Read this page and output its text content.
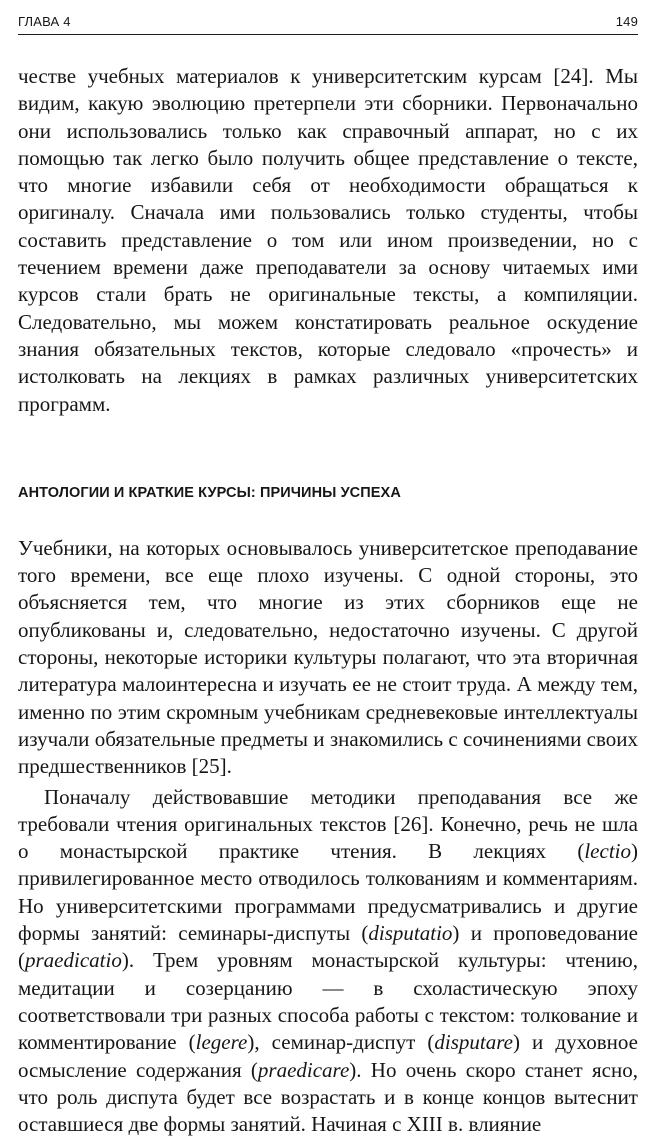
ГЛАВА 4	149

честве учебных материалов к университетским курсам [24]. Мы видим, какую эволюцию претерпели эти сборники. Первоначально они использовались только как справочный аппарат, но с их помощью так легко было получить общее представление о тексте, что многие избавили себя от необходимости обращаться к оригиналу. Сначала ими пользовались только студенты, чтобы составить представление о том или ином произведении, но с течением времени даже преподаватели за основу читаемых ими курсов стали брать не оригинальные тексты, а компиляции. Следовательно, мы можем констатировать реальное оскудение знания обязательных текстов, которые следовало «прочесть» и истолковать на лекциях в рамках различных университетских программ.

АНТОЛОГИИ И КРАТКИЕ КУРСЫ: ПРИЧИНЫ УСПЕХА

Учебники, на которых основывалось университетское преподавание того времени, все еще плохо изучены. С одной стороны, это объясняется тем, что многие из этих сборников еще не опубликованы и, следовательно, недостаточно изучены. С другой стороны, некоторые историки культуры полагают, что эта вторичная литература малоинтересна и изучать ее не стоит труда. А между тем, именно по этим скромным учебникам средневековые интеллектуалы изучали обязательные предметы и знакомились с сочинениями своих предшественников [25].

Поначалу действовавшие методики преподавания все же требовали чтения оригинальных текстов [26]. Конечно, речь не шла о монастырской практике чтения. В лекциях (lectio) привилегированное место отводилось толкованиям и комментариям. Но университетскими программами предусматривались и другие формы занятий: семинары-диспуты (disputatio) и проповедование (praedicatio). Трем уровням монастырской культуры: чтению, медитации и созерцанию — в схоластическую эпоху соответствовали три разных способа работы с текстом: толкование и комментирование (legere), семинар-диспут (disputare) и духовное осмысление содержания (praedicare). Но очень скоро станет ясно, что роль диспута будет все возрастать и в конце концов вытеснит оставшиеся две формы занятий. Начиная с XIII в. влияние
